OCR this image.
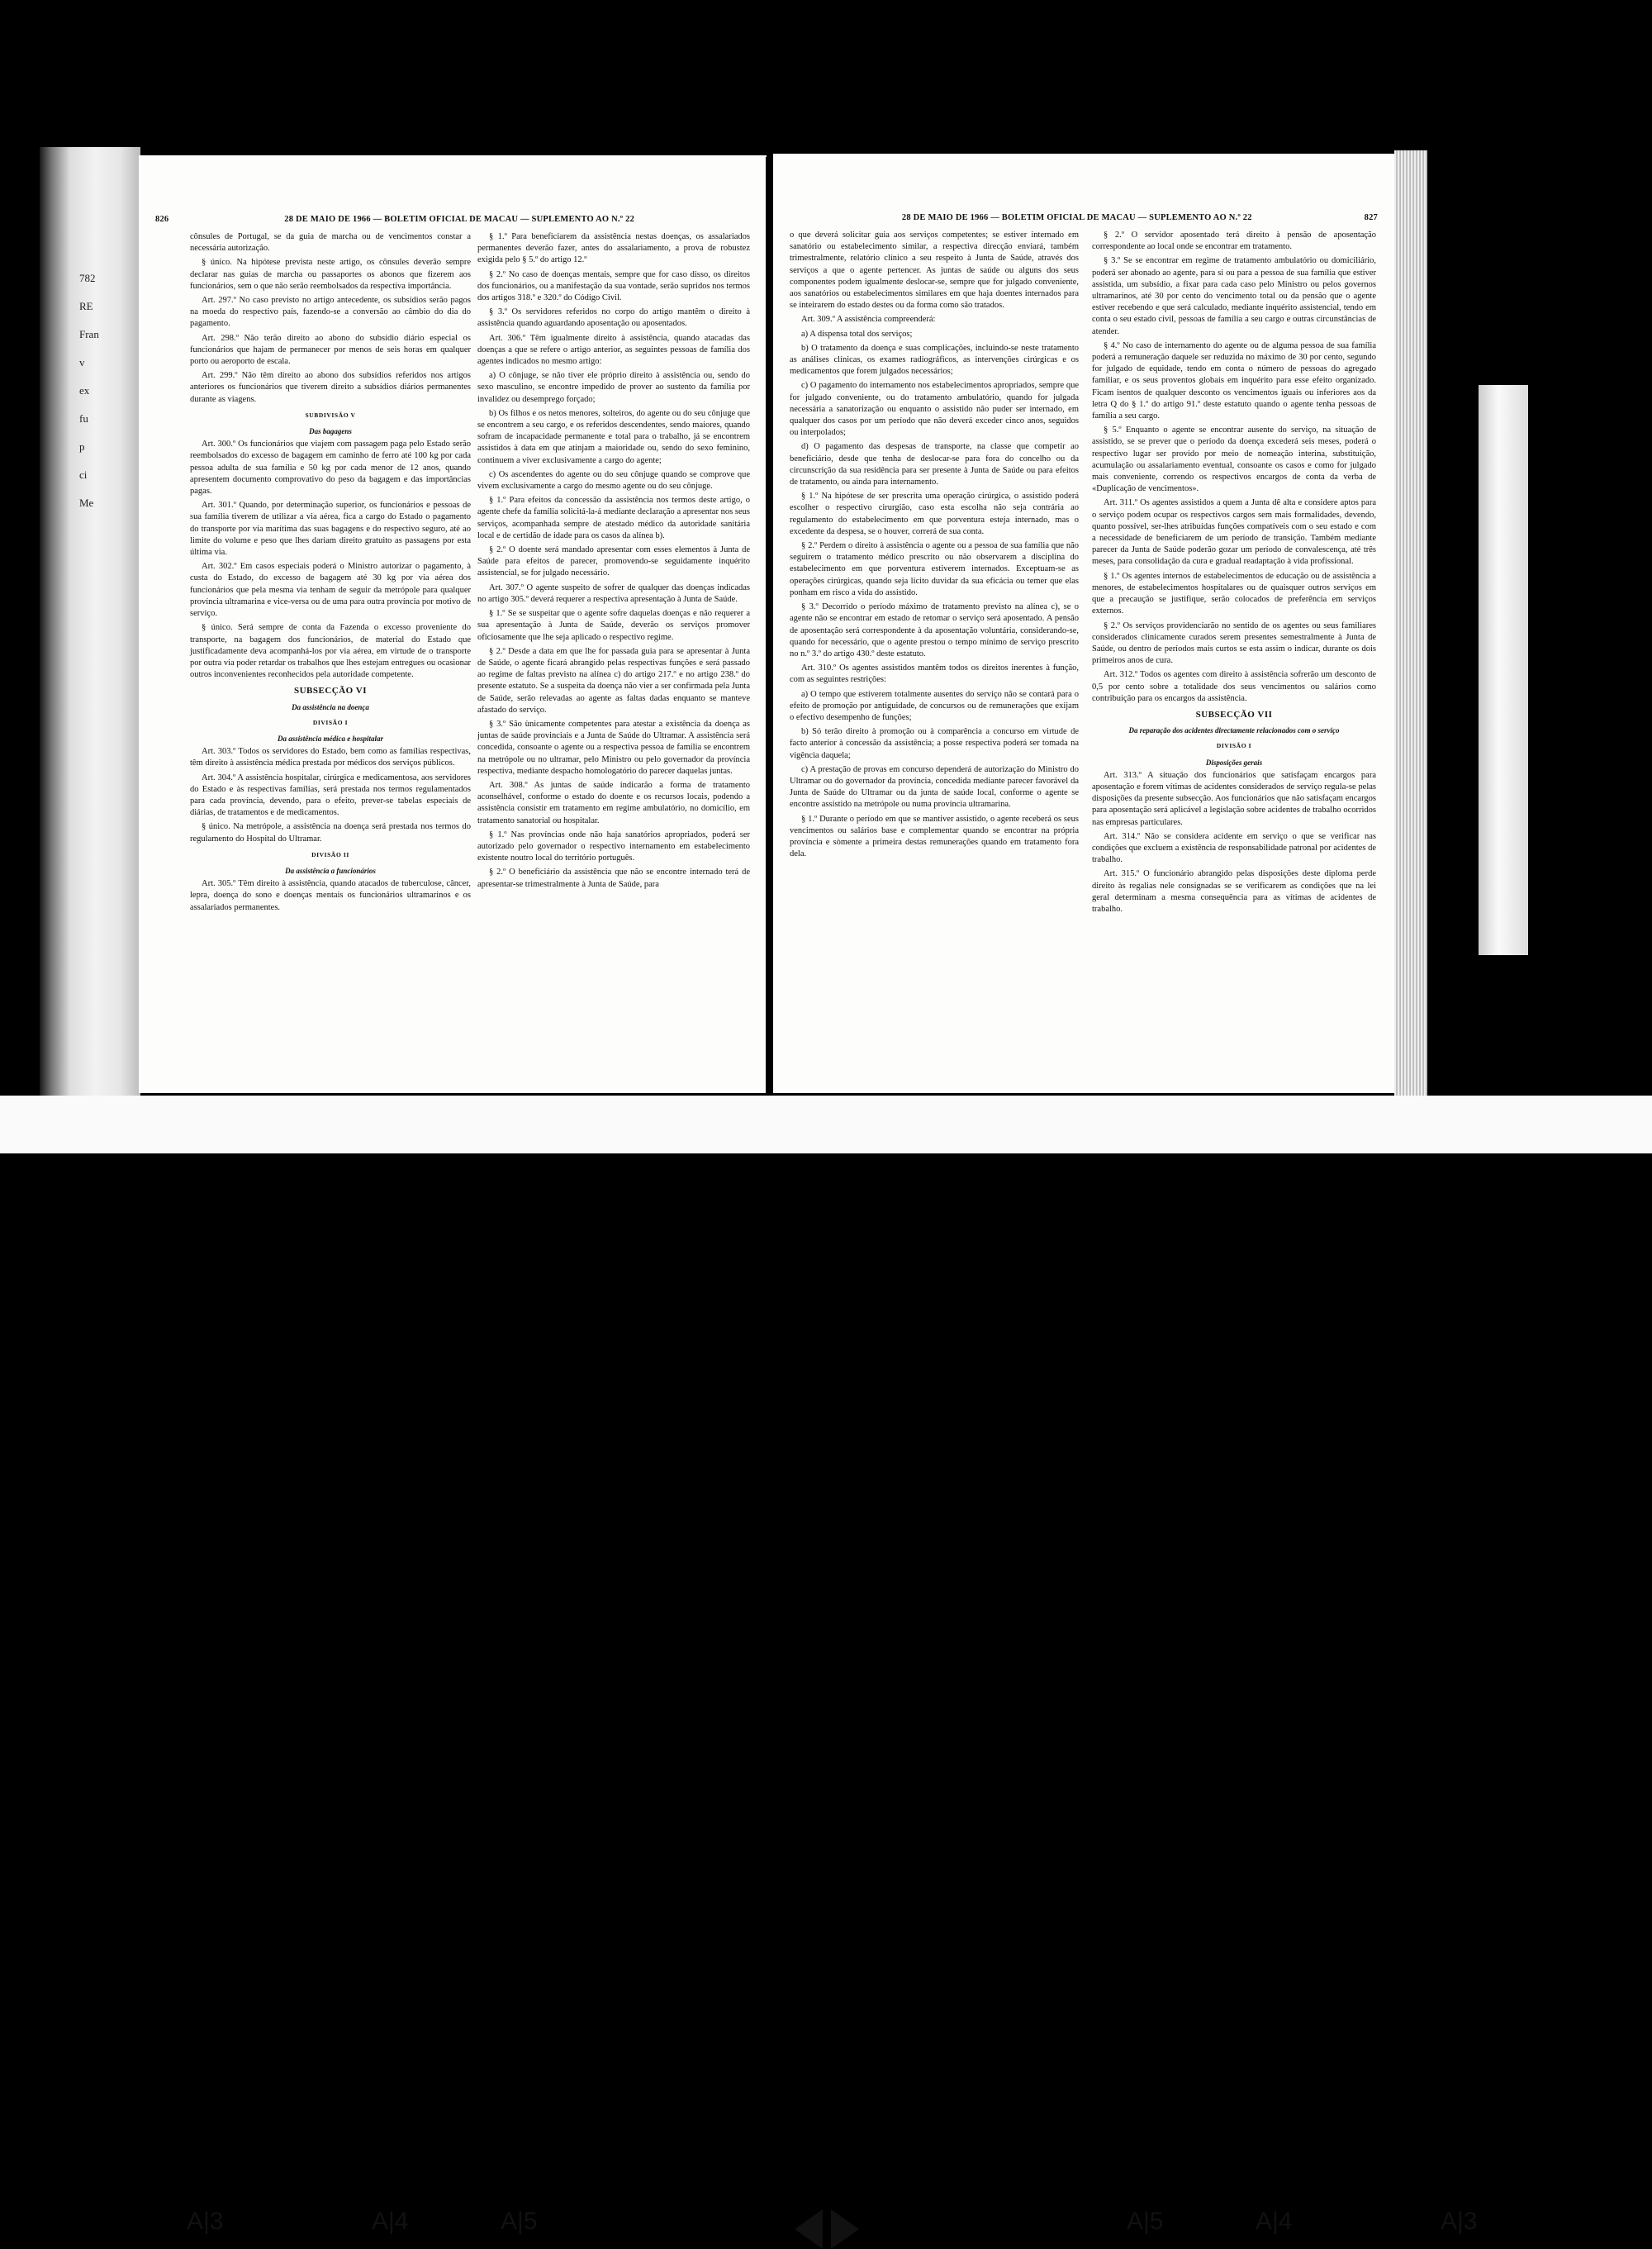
782
RE
Fran
v
ex
fu
p
ci
Me
826	28 DE MAIO DE 1966 — BOLETIM OFICIAL DE MACAU — SUPLEMENTO AO N.º 22

cônsules de Portugal, se da guia de marcha ou de vencimentos constar a necessária autorização.

§ único. Na hipótese prevista neste artigo, os cônsules deverão sempre declarar nas guias de marcha ou passaportes os abonos que fizerem aos funcionários, sem o que não serão reembolsados da respectiva importância.

Art. 297.º No caso previsto no artigo antecedente, os subsídios serão pagos na moeda do respectivo país, fazendo-se a conversão ao câmbio do dia do pagamento.

Art. 298.º Não terão direito ao abono do subsídio diário especial os funcionários que hajam de permanecer por menos de seis horas em qualquer porto ou aeroporto de escala.

Art. 299.º Não têm direito ao abono dos subsídios referidos nos artigos anteriores os funcionários que tiverem direito a subsídios diários permanentes durante as viagens.

SUBDIVISÃO V
Das bagagens

Art. 300.º Os funcionários que viajem com passagem paga pelo Estado serão reembolsados do excesso de bagagem em caminho de ferro até 100 kg por cada pessoa adulta de sua família e 50 kg por cada menor de 12 anos, quando apresentem documento comprovativo do peso da bagagem e das importâncias pagas.

Art. 301.º Quando, por determinação superior, os funcionários e pessoas de sua família tiverem de utilizar a via aérea, fica a cargo do Estado o pagamento do transporte por via marítima das suas bagagens e do respectivo seguro, até ao limite do volume e peso que lhes dariam direito gratuito as passagens por esta última via.

Art. 302.º Em casos especiais poderá o Ministro autorizar o pagamento, à custa do Estado, do excesso de bagagem até 30 kg por via aérea dos funcionários que pela mesma via tenham de seguir da metrópole para qualquer província ultramarina e vice-versa ou de uma para outra província por motivo de serviço.

§ único. Será sempre de conta da Fazenda o excesso proveniente do transporte, na bagagem dos funcionários, de material do Estado que justificadamente deva acompanhá-los por via aérea, em virtude de o transporte por outra via poder retardar os trabalhos que lhes estejam entregues ou ocasionar outros inconvenientes reconhecidos pela autoridade competente.

SUBSECÇÃO VI
Da assistência na doença
DIVISÃO I
Da assistência médica e hospitalar

Art. 303.º Todos os servidores do Estado, bem como as famílias respectivas, têm direito à assistência médica prestada por médicos dos serviços públicos.

Art. 304.º A assistência hospitalar, cirúrgica e medicamentosa, aos servidores do Estado e às respectivas famílias, será prestada nos termos regulamentados para cada província, devendo, para o efeito, prever-se tabelas especiais de diárias, de tratamentos e de medicamentos.

§ único. Na metrópole, a assistência na doença será prestada nos termos do regulamento do Hospital do Ultramar.

DIVISÃO II
Da assistência a funcionários

Art. 305.º Têm direito à assistência, quando atacados de tuberculose, câncer, lepra, doença do sono e doenças mentais os funcionários ultramarinos e os assalariados permanentes.

§ 1.º Para beneficiarem da assistência nestas doenças, os assalariados permanentes deverão fazer, antes do assalariamento, a prova de robustez exigida pelo § 5.º do artigo 12.º

§ 2.º No caso de doenças mentais, sempre que for caso disso, os direitos dos funcionários, ou a manifestação da sua vontade, serão supridos nos termos dos artigos 318.º e 320.º do Código Civil.

§ 3.º Os servidores referidos no corpo do artigo mantêm o direito à assistência quando aguardando aposentação ou aposentados.

Art. 306.º Têm igualmente direito à assistência, quando atacadas das doenças a que se refere o artigo anterior, as seguintes pessoas de família dos agentes indicados no mesmo artigo:

a) O cônjuge, se não tiver ele próprio direito à assistência ou, sendo do sexo masculino, se encontre impedido de prover ao sustento da família por invalidez ou desemprego forçado;

b) Os filhos e os netos menores, solteiros, do agente ou do seu cônjuge que se encontrem a seu cargo, e os referidos descendentes, sendo maiores, quando sofram de incapacidade permanente e total para o trabalho, já se encontrem assistidos à data em que atinjam a maioridade ou, sendo do sexo feminino, continuem a viver exclusivamente a cargo do agente;

c) Os ascendentes do agente ou do seu cônjuge quando se comprove que vivem exclusivamente a cargo do mesmo agente ou do seu cônjuge.

§ 1.º Para efeitos da concessão da assistência nos termos deste artigo, o agente chefe da família solicitá-la-á mediante declaração a apresentar nos seus serviços, acompanhada sempre de atestado médico da autoridade sanitária local e de certidão de idade para os casos da alínea b).

§ 2.º O doente será mandado apresentar com esses elementos à Junta de Saúde para efeitos de parecer, promovendo-se seguidamente inquérito assistencial, se for julgado necessário.

Art. 307.º O agente suspeito de sofrer de qualquer das doenças indicadas no artigo 305.º deverá requerer a respectiva apresentação à Junta de Saúde.

§ 1.º Se se suspeitar que o agente sofre daquelas doenças e não requerer a sua apresentação à Junta de Saúde, deverão os serviços promover oficiosamente que lhe seja aplicado o respectivo regime.

§ 2.º Desde a data em que lhe for passada guia para se apresentar à Junta de Saúde, o agente ficará abrangido pelas respectivas funções e será passado ao regime de faltas previsto na alínea c) do artigo 217.º e no artigo 238.º do presente estatuto. Se a suspeita da doença não vier a ser confirmada pela Junta de Saúde, serão relevadas ao agente as faltas dadas enquanto se manteve afastado do serviço.

§ 3.º São ùnicamente competentes para atestar a existência da doença as juntas de saúde provinciais e a Junta de Saúde do Ultramar. A assistência será concedida, consoante o agente ou a respectiva pessoa de família se encontrem na metrópole ou no ultramar, pelo Ministro ou pelo governador da província respectiva, mediante despacho homologatório do parecer daquelas juntas.

Art. 308.º As juntas de saúde indicarão a forma de tratamento aconselhável, conforme o estado do doente e os recursos locais, podendo a assistência consistir em tratamento em regime ambulatório, no domicílio, em tratamento sanatorial ou hospitalar.

§ 1.º Nas províncias onde não haja sanatórios apropriados, poderá ser autorizado pelo governador o respectivo internamento em estabelecimento existente noutro local do território português.

§ 2.º O beneficiário da assistência que não se encontre internado terá de apresentar-se trimestralmente à Junta de Saúde, para

28 DE MAIO DE 1966 — BOLETIM OFICIAL DE MACAU — SUPLEMENTO AO N.º 22	827

o que deverá solicitar guia aos serviços competentes; se estiver internado em sanatório ou estabelecimento similar, a respectiva direcção enviará, também trimestralmente, relatório clínico a seu respeito à Junta de Saúde, através dos serviços a que o agente pertencer. As juntas de saúde ou alguns dos seus componentes podem igualmente deslocar-se, sempre que for julgado conveniente, aos sanatórios ou estabelecimentos similares em que haja doentes internados para se inteirarem do estado destes ou da forma como são tratados.

Art. 309.º A assistência compreenderá:

a) A dispensa total dos serviços;

b) O tratamento da doença e suas complicações, incluindo-se neste tratamento as análises clínicas, os exames radiográficos, as intervenções cirúrgicas e os medicamentos que forem julgados necessários;

c) O pagamento do internamento nos estabelecimentos apropriados, sempre que for julgado conveniente, ou do tratamento ambulatório, quando for julgada necessária a sanatorização ou enquanto o assistido não puder ser internado, em qualquer dos casos por um período que não deverá exceder cinco anos, seguidos ou interpolados;

d) O pagamento das despesas de transporte, na classe que competir ao beneficiário, desde que tenha de deslocar-se para fora do concelho ou da circunscrição da sua residência para ser presente à Junta de Saúde ou para efeitos de tratamento, ou ainda para internamento.

§ 1.º Na hipótese de ser prescrita uma operação cirúrgica, o assistido poderá escolher o respectivo cirurgião, caso esta escolha não seja contrária ao regulamento do estabelecimento em que porventura esteja internado, mas o excedente da despesa, se o houver, correrá de sua conta.

§ 2.º Perdem o direito à assistência o agente ou a pessoa de sua família que não seguirem o tratamento médico prescrito ou não observarem a disciplina do estabelecimento em que porventura estiverem internados. Exceptuam-se as operações cirúrgicas, quando seja lícito duvidar da sua eficácia ou temer que elas ponham em risco a vida do assistido.

§ 3.º Decorrido o período máximo de tratamento previsto na alínea c), se o agente não se encontrar em estado de retomar o serviço será aposentado. A pensão de aposentação será correspondente à da aposentação voluntária, considerando-se, quando for necessário, que o agente prestou o tempo mínimo de serviço prescrito no n.º 3.º do artigo 430.º deste estatuto.

Art. 310.º Os agentes assistidos mantêm todos os direitos inerentes à função, com as seguintes restrições:

a) O tempo que estiverem totalmente ausentes do serviço não se contará para o efeito de promoção por antiguidade, de concursos ou de remunerações que exijam o efectivo desempenho de funções;

b) Só terão direito à promoção ou à comparência a concurso em virtude de facto anterior à concessão da assistência; a posse respectiva poderá ser tomada na vigência daquela;

c) A prestação de provas em concurso dependerá de autorização do Ministro do Ultramar ou do governador da província, concedida mediante parecer favorável da Junta de Saúde do Ultramar ou da junta de saúde local, conforme o agente se encontre assistido na metrópole ou numa província ultramarina.

§ 1.º Durante o período em que se mantiver assistido, o agente receberá os seus vencimentos ou salários base e complementar quando se encontrar na própria província e sòmente a primeira destas remunerações quando em tratamento fora dela.

§ 2.º O servidor aposentado terá direito à pensão de aposentação correspondente ao local onde se encontrar em tratamento.

§ 3.º Se se encontrar em regime de tratamento ambulatório ou domiciliário, poderá ser abonado ao agente, para si ou para a pessoa de sua família que estiver assistida, um subsídio, a fixar para cada caso pelo Ministro ou pelos governos ultramarinos, até 30 por cento do vencimento total ou da pensão que o agente estiver recebendo e que será calculado, mediante inquérito assistencial, tendo em conta o seu estado civil, pessoas de família a seu cargo e outras circunstâncias de atender.

§ 4.º No caso de internamento do agente ou de alguma pessoa de sua família poderá a remuneração daquele ser reduzida no máximo de 30 por cento, segundo for julgado de equidade, tendo em conta o número de pessoas do agregado familiar, e os seus proventos globais em inquérito para esse efeito organizado. Ficam isentos de qualquer desconto os vencimentos iguais ou inferiores aos da letra Q do § 1.º do artigo 91.º deste estatuto quando o agente tenha pessoas de família a seu cargo.

§ 5.º Enquanto o agente se encontrar ausente do serviço, na situação de assistido, se se prever que o período da doença excederá seis meses, poderá o respectivo lugar ser provido por meio de nomeação interina, substituição, acumulação ou assalariamento eventual, consoante os casos e como for julgado mais conveniente, correndo os respectivos encargos de conta da verba de «Duplicação de vencimentos».

Art. 311.º Os agentes assistidos a quem a Junta dê alta e considere aptos para o serviço podem ocupar os respectivos cargos sem mais formalidades, devendo, quanto possível, ser-lhes atribuídas funções compatíveis com o seu estado e com a necessidade de beneficiarem de um período de transição. Também mediante parecer da Junta de Saúde poderão gozar um período de convalescença, até três meses, para consolidação da cura e gradual readaptação à vida profissional.

§ 1.º Os agentes internos de estabelecimentos de educação ou de assistência a menores, de estabelecimentos hospitalares ou de quaisquer outros serviços em que a precaução se justifique, serão colocados de preferência em serviços externos.

§ 2.º Os serviços providenciarão no sentido de os agentes ou seus familiares considerados clinicamente curados serem presentes semestralmente à Junta de Saúde, ou dentro de períodos mais curtos se esta assim o indicar, durante os dois primeiros anos de cura.

Art. 312.º Todos os agentes com direito à assistência sofrerão um desconto de 0,5 por cento sobre a totalidade dos seus vencimentos ou salários como contribuição para os encargos da assistência.

SUBSECÇÃO VII
Da reparação dos acidentes directamente relacionados com o serviço
DIVISÃO I
Disposições gerais

Art. 313.º A situação dos funcionários que satisfaçam encargos para aposentação e forem vítimas de acidentes considerados de serviço regula-se pelas disposições da presente subsecção. Aos funcionários que não satisfaçam encargos para aposentação será aplicável a legislação sobre acidentes de trabalho ocorridos nas empresas particulares.

Art. 314.º Não se considera acidente em serviço o que se verificar nas condições que excluem a existência de responsabilidade patronal por acidentes de trabalho.

Art. 315.º O funcionário abrangido pelas disposições deste diploma perde direito às regalias nele consignadas se se verificarem as condições que na lei geral determinam a mesma consequência para as vítimas de acidentes de trabalho.

A|3	A|4	A|5	A|5	A|4	A|3
